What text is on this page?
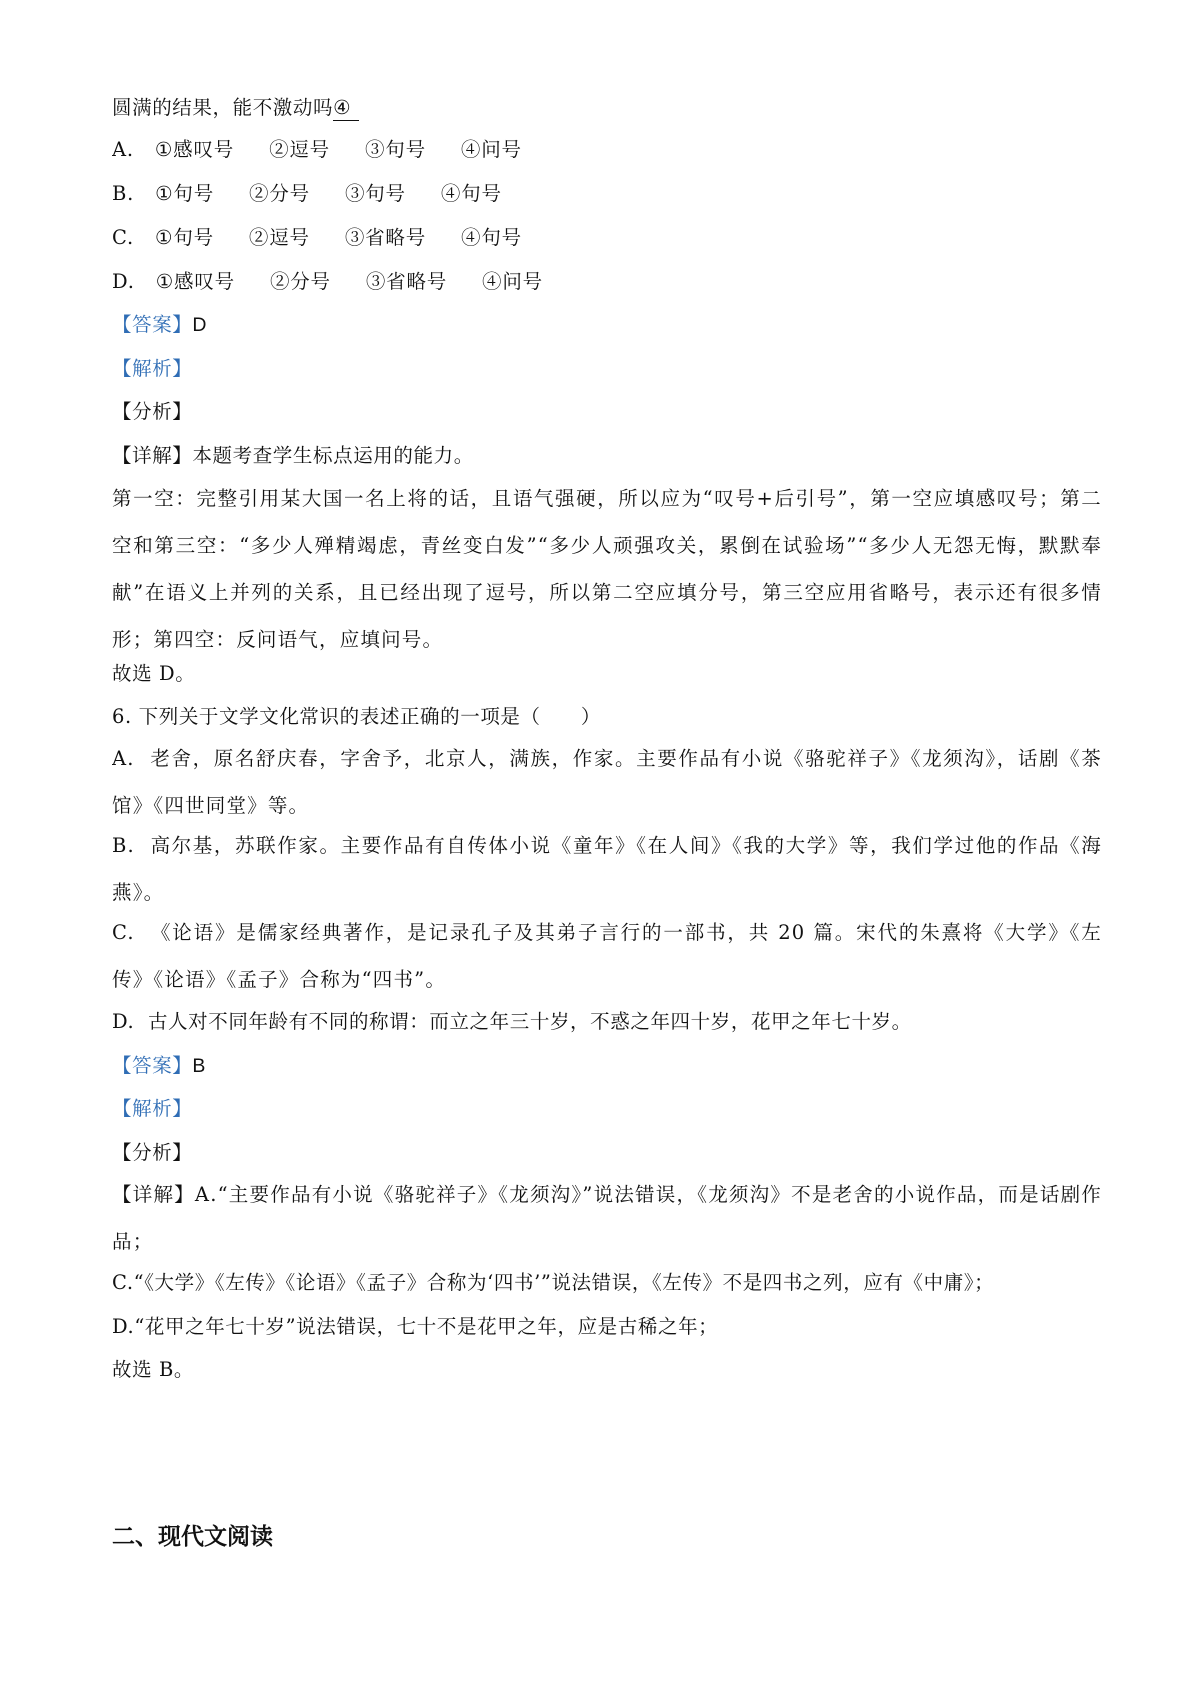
圆满的结果，能不激动吗④
A. ①感叹号 ②逗号 ③句号 ④问号
B. ①句号 ②分号 ③句号 ④句号
C. ①句号 ②逗号 ③省略号 ④句号
D. ①感叹号 ②分号 ③省略号 ④问号
【答案】D
【解析】
【分析】
【详解】本题考查学生标点运用的能力。
第一空：完整引用某大国一名上将的话，且语气强硬，所以应为“叹号+后引号”，第一空应填感叹号；第二空和第三空：“多少人殚精竭虑，青丝变白发”“多少人顽强攻关，累倒在试验场”“多少人无怨无悔，默默奉献”在语义上并列的关系，且已经出现了逗号，所以第二空应填分号，第三空应用省略号，表示还有很多情形；第四空：反问语气，应填问号。
故选 D。
6. 下列关于文学文化常识的表述正确的一项是（　　）
A. 老舍，原名舒庆春，字舍予，北京人，满族，作家。主要作品有小说《骆驼祥子》《龙须沟》，话剧《茶馆》《四世同堂》等。
B. 高尔基，苏联作家。主要作品有自传体小说《童年》《在人间》《我的大学》等，我们学过他的作品《海燕》。
C. 《论语》是儒家经典著作，是记录孔子及其弟子言行的一部书，共 20 篇。宋代的朱熹将《大学》《左传》《论语》《孟子》合称为“四书”。
D. 古人对不同年龄有不同的称谓：而立之年三十岁，不惑之年四十岁，花甲之年七十岁。
【答案】B
【解析】
【分析】
【详解】A.“主要作品有小说《骆驼祥子》《龙须沟》”说法错误，《龙须沟》不是老舍的小说作品，而是话剧作品；
C.“《大学》《左传》《论语》《孟子》合称为‘四书’”说法错误，《左传》不是四书之列，应有《中庸》；
D.“花甲之年七十岁”说法错误，七十不是花甲之年，应是古稀之年；
故选 B。
二、现代文阅读
